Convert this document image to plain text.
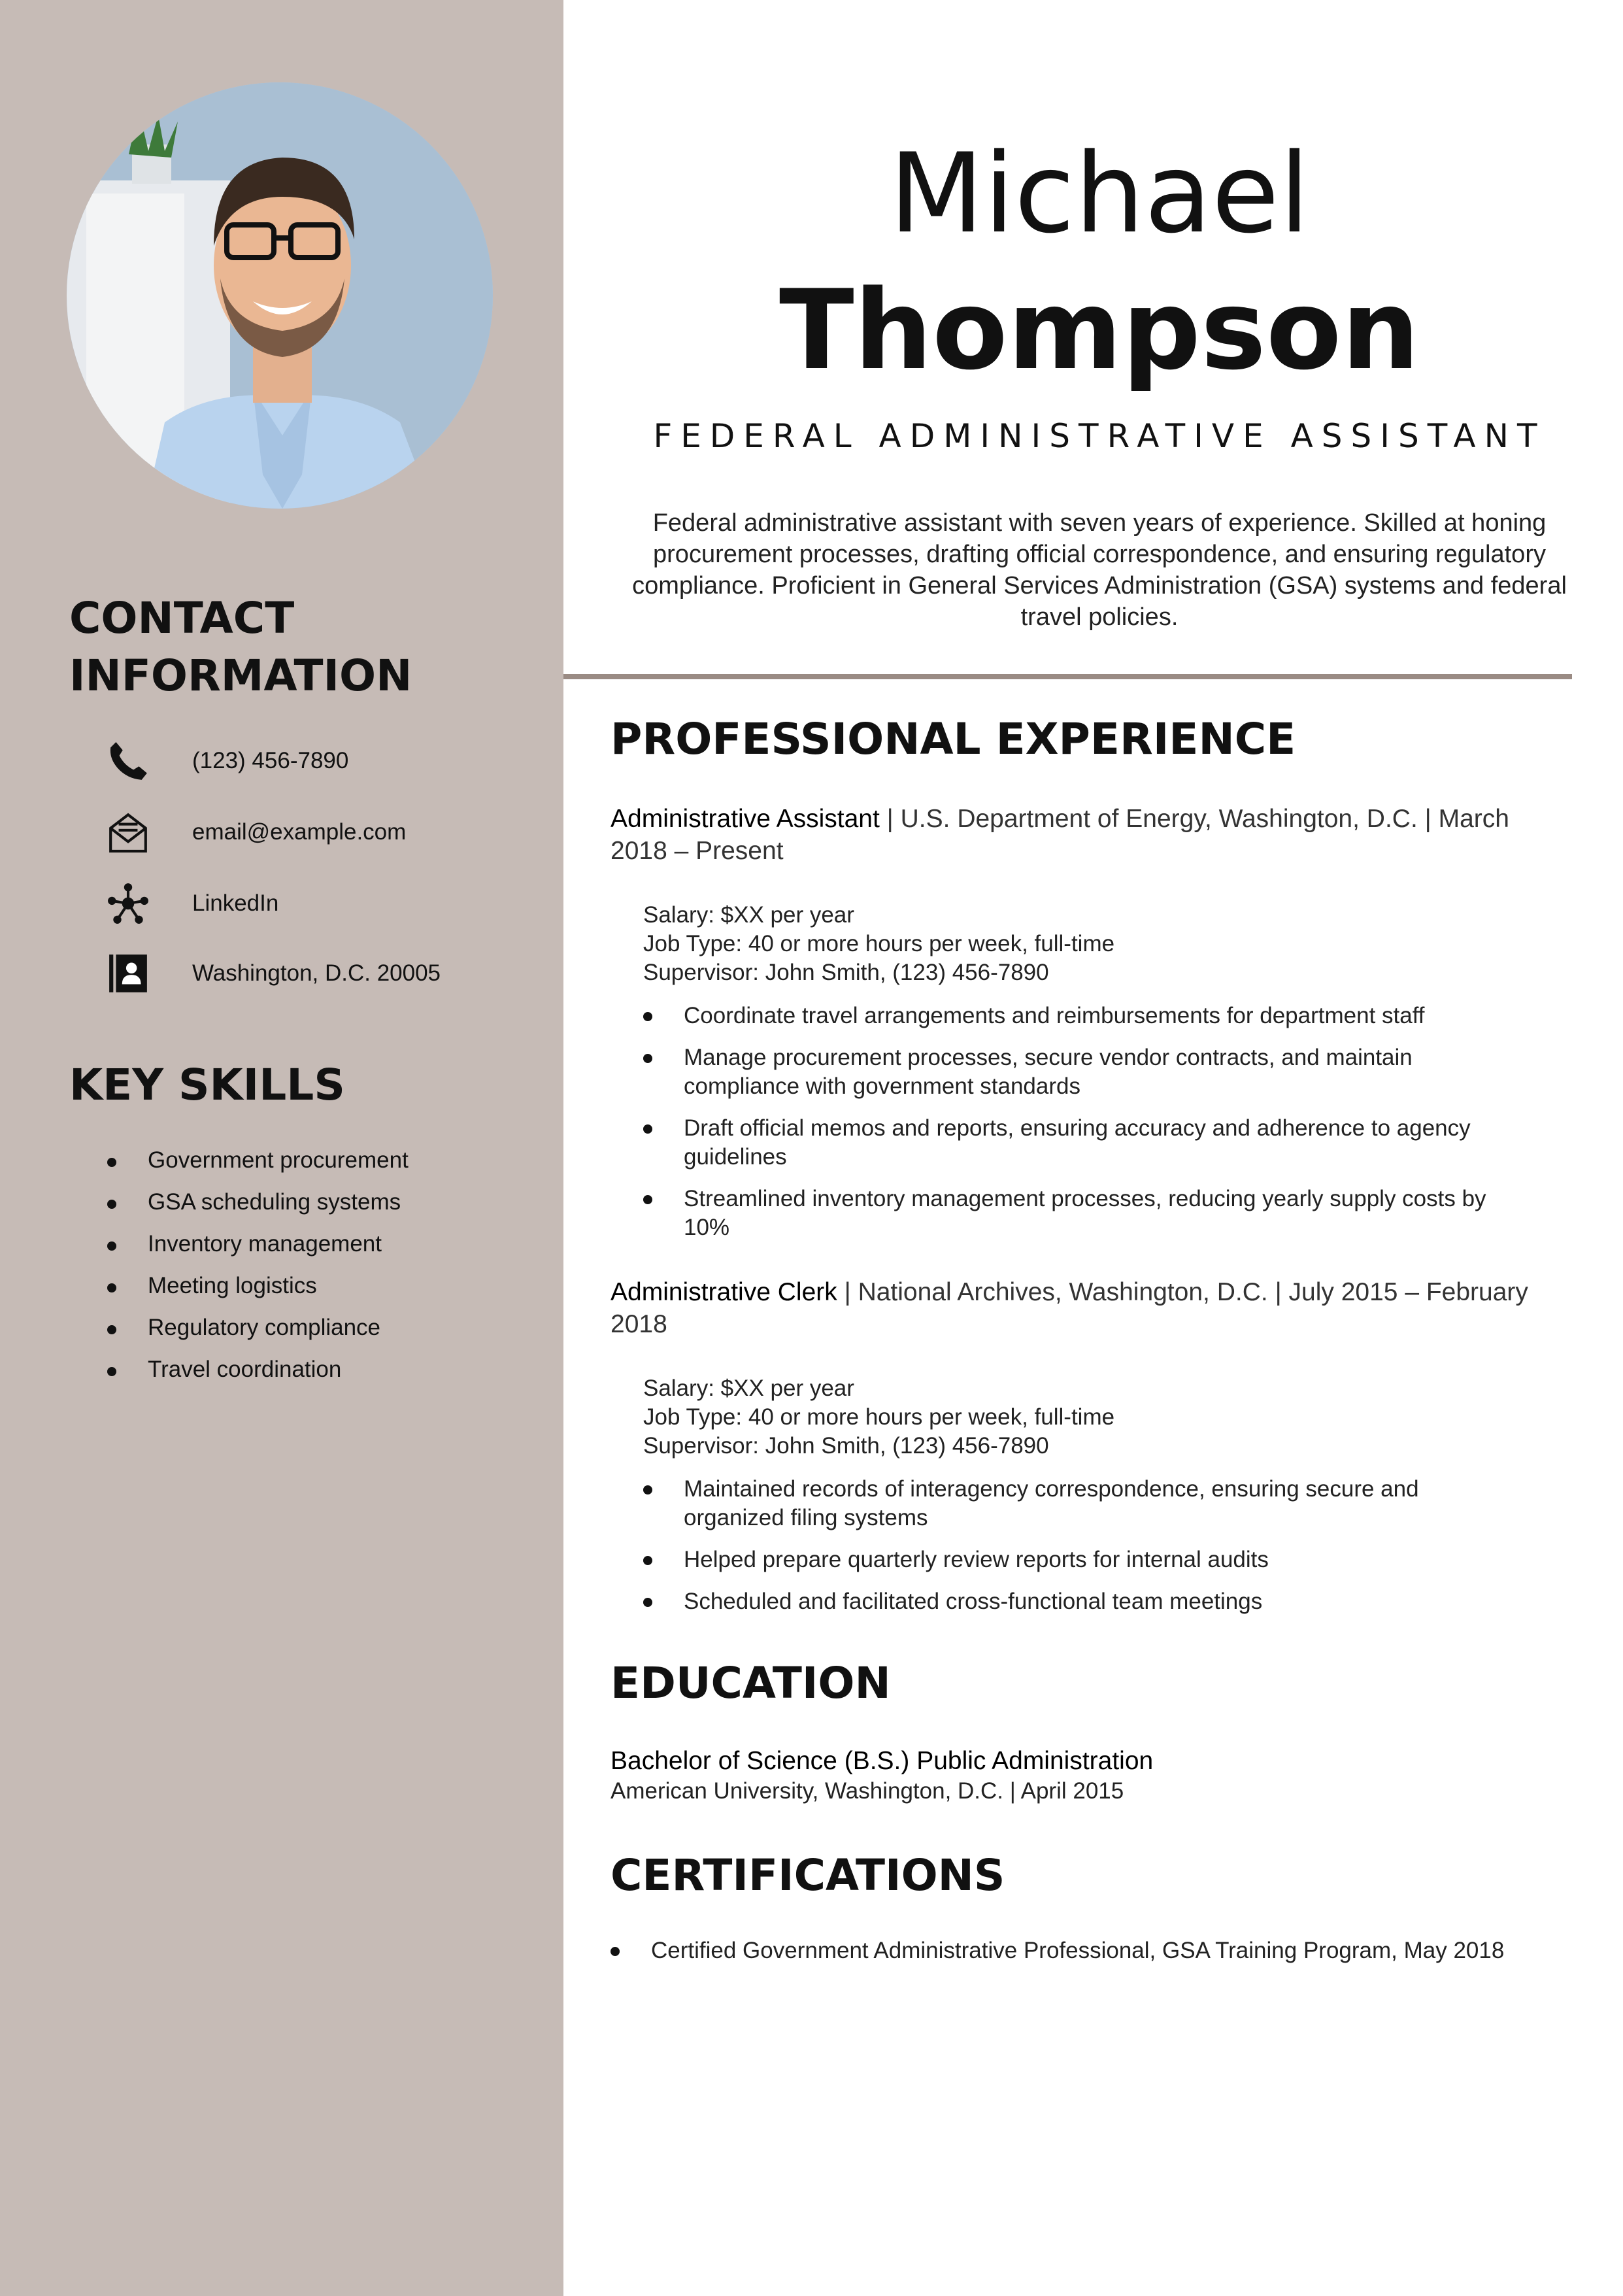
CONTACT
INFORMATION
(123) 456-7890
email@example.com
LinkedIn
Washington, D.C. 20005
KEY SKILLS
Government procurement
GSA scheduling systems
Inventory management
Meeting logistics
Regulatory compliance
Travel coordination
Michael
Thompson

FEDERAL ADMINISTRATIVE ASSISTANT

Federal administrative assistant with seven years of experience. Skilled at honing procurement processes, drafting official correspondence, and ensuring regulatory compliance. Proficient in General Services Administration (GSA) systems and federal travel policies.

PROFESSIONAL EXPERIENCE

Administrative Assistant | U.S. Department of Energy, Washington, D.C. | March 2018 – Present

Salary: $XX per year

Job Type: 40 or more hours per week, full-time

Supervisor: John Smith, (123) 456-7890

Coordinate travel arrangements and reimbursements for department staff
Manage procurement processes, secure vendor contracts, and maintain compliance with government standards
Draft official memos and reports, ensuring accuracy and adherence to agency guidelines
Streamlined inventory management processes, reducing yearly supply costs by 10%

Administrative Clerk | National Archives, Washington, D.C. | July 2015 – February 2018

Salary: $XX per year

Job Type: 40 or more hours per week, full-time

Supervisor: John Smith, (123) 456-7890

Maintained records of interagency correspondence, ensuring secure and organized filing systems
Helped prepare quarterly review reports for internal audits
Scheduled and facilitated cross-functional team meetings
EDUCATION

Bachelor of Science (B.S.) Public Administration

American University, Washington, D.C. | April 2015

CERTIFICATIONS
Certified Government Administrative Professional, GSA Training Program, May 2018
